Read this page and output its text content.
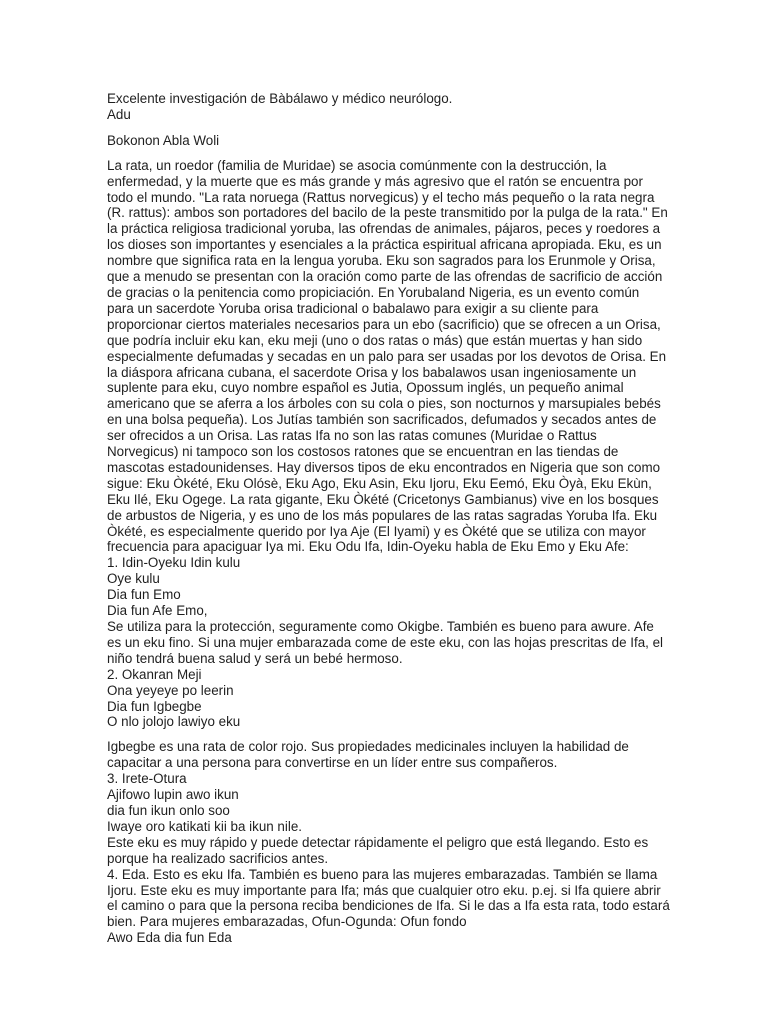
Excelente investigación de Bàbálawo y médico neurólogo.
Adu
Bokonon Abla Woli
La rata, un roedor (familia de Muridae) se asocia comúnmente con la destrucción, la
enfermedad, y la muerte que es más grande y más agresivo que el ratón se encuentra por
todo el mundo. "La rata noruega (Rattus norvegicus) y el techo más pequeño o la rata negra
(R. rattus): ambos son portadores del bacilo de la peste transmitido por la pulga de la rata." En
la práctica religiosa tradicional yoruba, las ofrendas de animales, pájaros, peces y roedores a
los dioses son importantes y esenciales a la práctica espiritual africana apropiada. Eku, es un
nombre que significa rata en la lengua yoruba. Eku son sagrados para los Erunmole y Orisa,
que a menudo se presentan con la oración como parte de las ofrendas de sacrificio de acción
de gracias o la penitencia como propiciación. En Yorubaland Nigeria, es un evento común
para un sacerdote Yoruba orisa tradicional o babalawo para exigir a su cliente para
proporcionar ciertos materiales necesarios para un ebo (sacrificio) que se ofrecen a un Orisa,
que podría incluir eku kan, eku meji (uno o dos ratas o más) que están muertas y han sido
especialmente defumadas y secadas en un palo para ser usadas por los devotos de Orisa. En
la diáspora africana cubana, el sacerdote Orisa y los babalawos usan ingeniosamente un
suplente para eku, cuyo nombre español es Jutia, Opossum inglés, un pequeño animal
americano que se aferra a los árboles con su cola o pies, son nocturnos y marsupiales bebés
en una bolsa pequeña). Los Jutías también son sacrificados, defumados y secados antes de
ser ofrecidos a un Orisa. Las ratas Ifa no son las ratas comunes (Muridae o Rattus
Norvegicus) ni tampoco son los costosos ratones que se encuentran en las tiendas de
mascotas estadounidenses. Hay diversos tipos de eku encontrados en Nigeria que son como
sigue: Eku Òkété, Eku Olósè, Eku Ago, Eku Asin, Eku Ijoru, Eku Eemó, Eku Òyà, Eku Ekùn,
Eku Ilé, Eku Ogege. La rata gigante, Eku Òkété (Cricetonys Gambianus) vive en los bosques
de arbustos de Nigeria, y es uno de los más populares de las ratas sagradas Yoruba Ifa. Eku
Òkété, es especialmente querido por Iya Aje (El Iyami) y es Òkété que se utiliza con mayor
frecuencia para apaciguar Iya mi. Eku Odu Ifa, Idin-Oyeku habla de Eku Emo y Eku Afe:
1. Idin-Oyeku Idin kulu
Oye kulu
Dia fun Emo
Dia fun Afe Emo,
Se utiliza para la protección, seguramente como Okigbe. También es bueno para awure. Afe
es un eku fino. Si una mujer embarazada come de este eku, con las hojas prescritas de Ifa, el
niño tendrá buena salud y será un bebé hermoso.
2. Okanran Meji
Ona yeyeye po leerin
Dia fun Igbegbe
O nlo jolojo lawiyo eku
Igbegbe es una rata de color rojo. Sus propiedades medicinales incluyen la habilidad de
capacitar a una persona para convertirse en un líder entre sus compañeros.
3. Irete-Otura
Ajifowo lupin awo ikun
dia fun ikun onlo soo
Iwaye oro katikati kii ba ikun nile.
Este eku es muy rápido y puede detectar rápidamente el peligro que está llegando. Esto es
porque ha realizado sacrificios antes.
4. Eda. Esto es eku Ifa. También es bueno para las mujeres embarazadas. También se llama
Ijoru. Este eku es muy importante para Ifa; más que cualquier otro eku. p.ej. si Ifa quiere abrir
el camino o para que la persona reciba bendiciones de Ifa. Si le das a Ifa esta rata, todo estará
bien. Para mujeres embarazadas, Ofun-Ogunda: Ofun fondo
Awo Eda dia fun Eda
